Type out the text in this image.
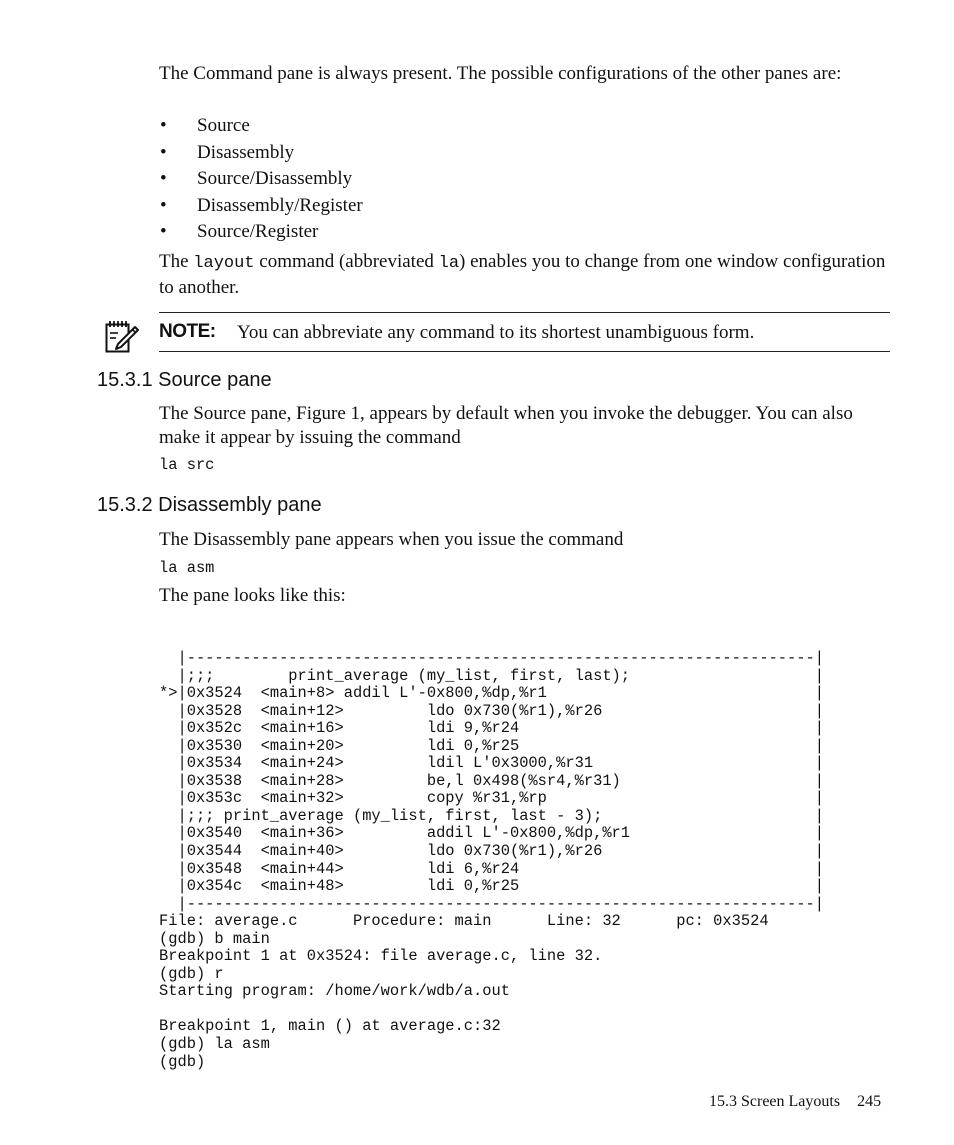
The Command pane is always present. The possible configurations of the other panes are:
• Source
• Disassembly
• Source/Disassembly
• Disassembly/Register
• Source/Register
The layout command (abbreviated la) enables you to change from one window configuration to another.
NOTE: You can abbreviate any command to its shortest unambiguous form.
15.3.1 Source pane
The Source pane, Figure 1, appears by default when you invoke the debugger. You can also make it appear by issuing the command
la src
15.3.2 Disassembly pane
The Disassembly pane appears when you issue the command
la asm
The pane looks like this:
|--------------------------------------------------------------------|
|;;;        print_average (my_list, first, last);                    |
*>|0x3524  <main+8> addil L'-0x800,%dp,%r1                             |
|0x3528  <main+12>         ldo 0x730(%r1),%r26                       |
|0x352c  <main+16>         ldi 9,%r24                                |
|0x3530  <main+20>         ldi 0,%r25                                |
|0x3534  <main+24>         ldil L'0x3000,%r31                        |
|0x3538  <main+28>         be,l 0x498(%sr4,%r31)                     |
|0x353c  <main+32>         copy %r31,%rp                             |
|;;; print_average (my_list, first, last - 3);                       |
|0x3540  <main+36>         addil L'-0x800,%dp,%r1                    |
|0x3544  <main+40>         ldo 0x730(%r1),%r26                       |
|0x3548  <main+44>         ldi 6,%r24                                |
|0x354c  <main+48>         ldi 0,%r25                                |
|--------------------------------------------------------------------|
File: average.c      Procedure: main      Line: 32      pc: 0x3524
(gdb) b main
Breakpoint 1 at 0x3524: file average.c, line 32.
(gdb) r
Starting program: /home/work/wdb/a.out

Breakpoint 1, main () at average.c:32
(gdb) la asm
(gdb)
15.3 Screen Layouts 245
